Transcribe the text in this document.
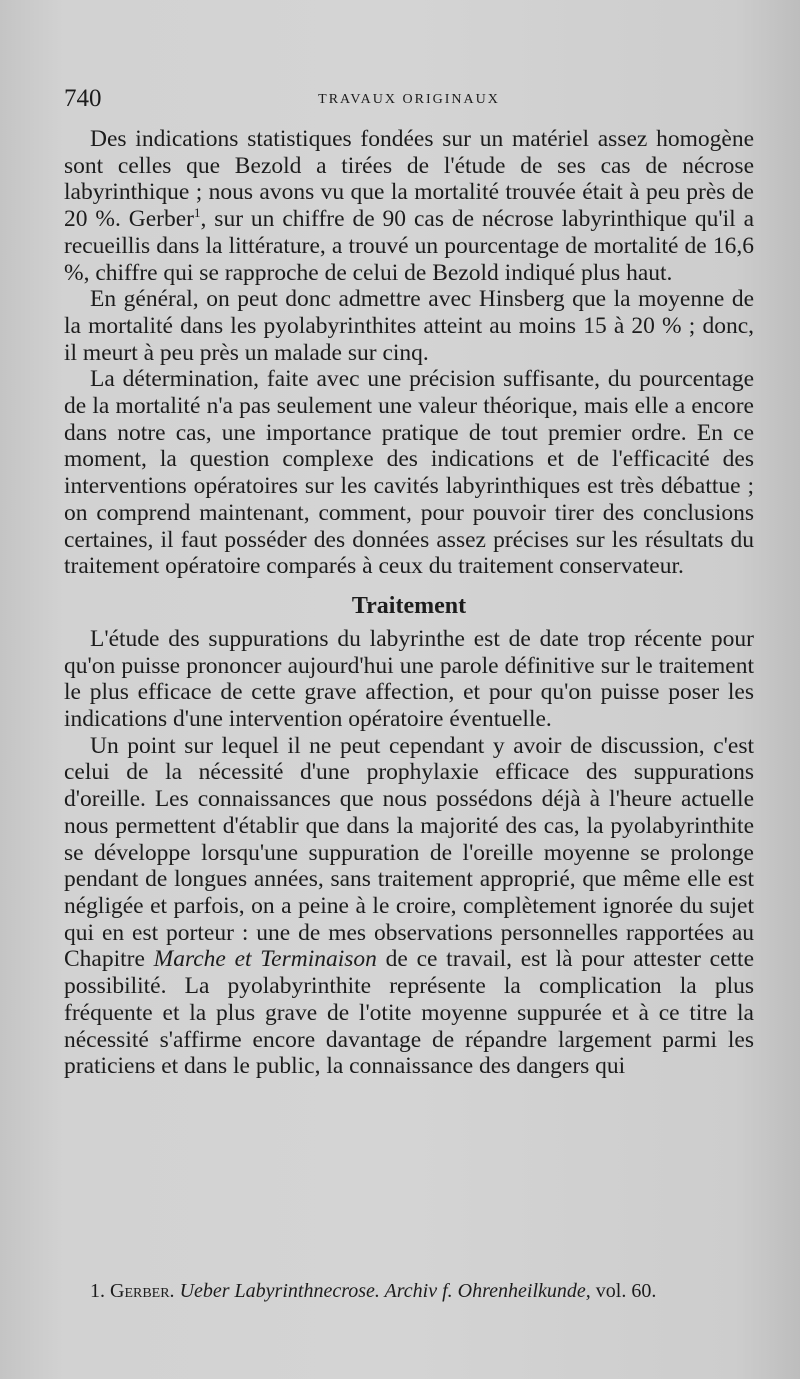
740	TRAVAUX ORIGINAUX

Des indications statistiques fondées sur un matériel assez homogène sont celles que Bezold a tirées de l'étude de ses cas de nécrose labyrinthique ; nous avons vu que la mortalité trouvée était à peu près de 20 %. Gerber$^1$, sur un chiffre de 90 cas de nécrose labyrinthique qu'il a recueillis dans la littérature, a trouvé un pourcentage de mortalité de 16,6 %, chiffre qui se rapproche de celui de Bezold indiqué plus haut.

En général, on peut donc admettre avec Hinsberg que la moyenne de la mortalité dans les pyolabyrinthites atteint au moins 15 à 20 % ; donc, il meurt à peu près un malade sur cinq.

La détermination, faite avec une précision suffisante, du pourcentage de la mortalité n'a pas seulement une valeur théorique, mais elle a encore dans notre cas, une importance pratique de tout premier ordre. En ce moment, la question complexe des indications et de l'efficacité des interventions opératoires sur les cavités labyrinthiques est très débattue ; on comprend maintenant, comment, pour pouvoir tirer des conclusions certaines, il faut posséder des données assez précises sur les résultats du traitement opératoire comparés à ceux du traitement conservateur.

Traitement

L'étude des suppurations du labyrinthe est de date trop récente pour qu'on puisse prononcer aujourd'hui une parole définitive sur le traitement le plus efficace de cette grave affection, et pour qu'on puisse poser les indications d'une intervention opératoire éventuelle.

Un point sur lequel il ne peut cependant y avoir de discussion, c'est celui de la nécessité d'une prophylaxie efficace des suppurations d'oreille. Les connaissances que nous possédons déjà à l'heure actuelle nous permettent d'établir que dans la majorité des cas, la pyolabyrinthite se développe lorsqu'une suppuration de l'oreille moyenne se prolonge pendant de longues années, sans traitement approprié, que même elle est négligée et parfois, on a peine à le croire, complètement ignorée du sujet qui en est porteur : une de mes observations personnelles rapportées au Chapitre Marche et Terminaison de ce travail, est là pour attester cette possibilité. La pyolabyrinthite représente la complication la plus fréquente et la plus grave de l'otite moyenne suppurée et à ce titre la nécessité s'affirme encore davantage de répandre largement parmi les praticiens et dans le public, la connaissance des dangers qui

1. Gerber. Ueber Labyrinthnecrose. Archiv f. Ohrenheilkunde, vol. 60.
